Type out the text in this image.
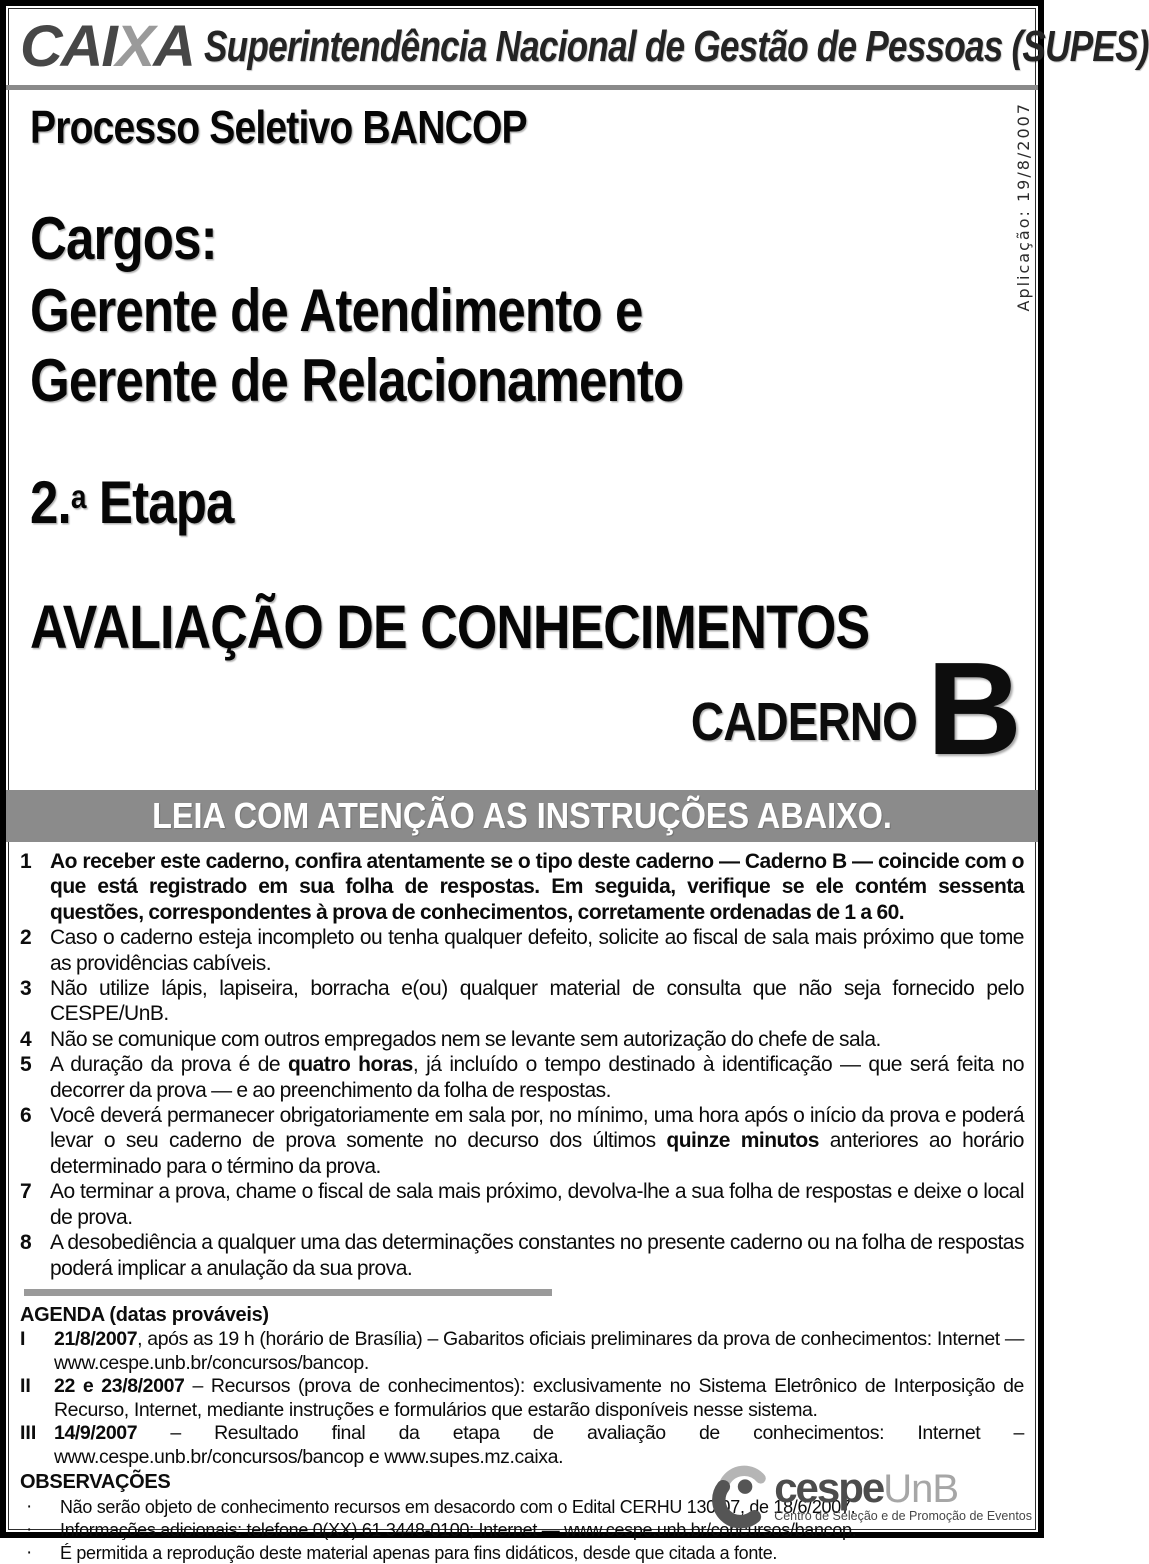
CAIXA Superintendência Nacional de Gestão de Pessoas (SUPES)
Aplicação: 19/8/2007
Processo Seletivo BANCOP
Cargos:
Gerente de Atendimento e
Gerente de Relacionamento
2.$^a$ Etapa
AVALIAÇÃO DE CONHECIMENTOS
CADERNO B
LEIA COM ATENÇÃO AS INSTRUÇÕES ABAIXO.
1 Ao receber este caderno, confira atentamente se o tipo deste caderno — Caderno B — coincide com o que está registrado em sua folha de respostas. Em seguida, verifique se ele contém sessenta questões, correspondentes à prova de conhecimentos, corretamente ordenadas de 1 a 60.
2 Caso o caderno esteja incompleto ou tenha qualquer defeito, solicite ao fiscal de sala mais próximo que tome as providências cabíveis.
3 Não utilize lápis, lapiseira, borracha e(ou) qualquer material de consulta que não seja fornecido pelo CESPE/UnB.
4 Não se comunique com outros empregados nem se levante sem autorização do chefe de sala.
5 A duração da prova é de quatro horas, já incluído o tempo destinado à identificação — que será feita no decorrer da prova — e ao preenchimento da folha de respostas.
6 Você deverá permanecer obrigatoriamente em sala por, no mínimo, uma hora após o início da prova e poderá levar o seu caderno de prova somente no decurso dos últimos quinze minutos anteriores ao horário determinado para o término da prova.
7 Ao terminar a prova, chame o fiscal de sala mais próximo, devolva-lhe a sua folha de respostas e deixe o local de prova.
8 A desobediência a qualquer uma das determinações constantes no presente caderno ou na folha de respostas poderá implicar a anulação da sua prova.
AGENDA (datas prováveis)
I	21/8/2007, após as 19 h (horário de Brasília) – Gabaritos oficiais preliminares da prova de conhecimentos: Internet — www.cespe.unb.br/concursos/bancop.
II	22 e 23/8/2007 – Recursos (prova de conhecimentos): exclusivamente no Sistema Eletrônico de Interposição de Recurso, Internet, mediante instruções e formulários que estarão disponíveis nesse sistema.
III 14/9/2007 – Resultado final da etapa de avaliação de conhecimentos: Internet – www.cespe.unb.br/concursos/bancop e www.supes.mz.caixa.
OBSERVAÇÕES
·	Não serão objeto de conhecimento recursos em desacordo com o Edital CERHU 130/07, de 18/6/2007.
·	Informações adicionais: telefone 0(XX) 61 3448-0100; Internet — www.cespe.unb.br/concursos/bancop.
·	É permitida a reprodução deste material apenas para fins didáticos, desde que citada a fonte.
cespeUnB
Centro de Seleção e de Promoção de Eventos
